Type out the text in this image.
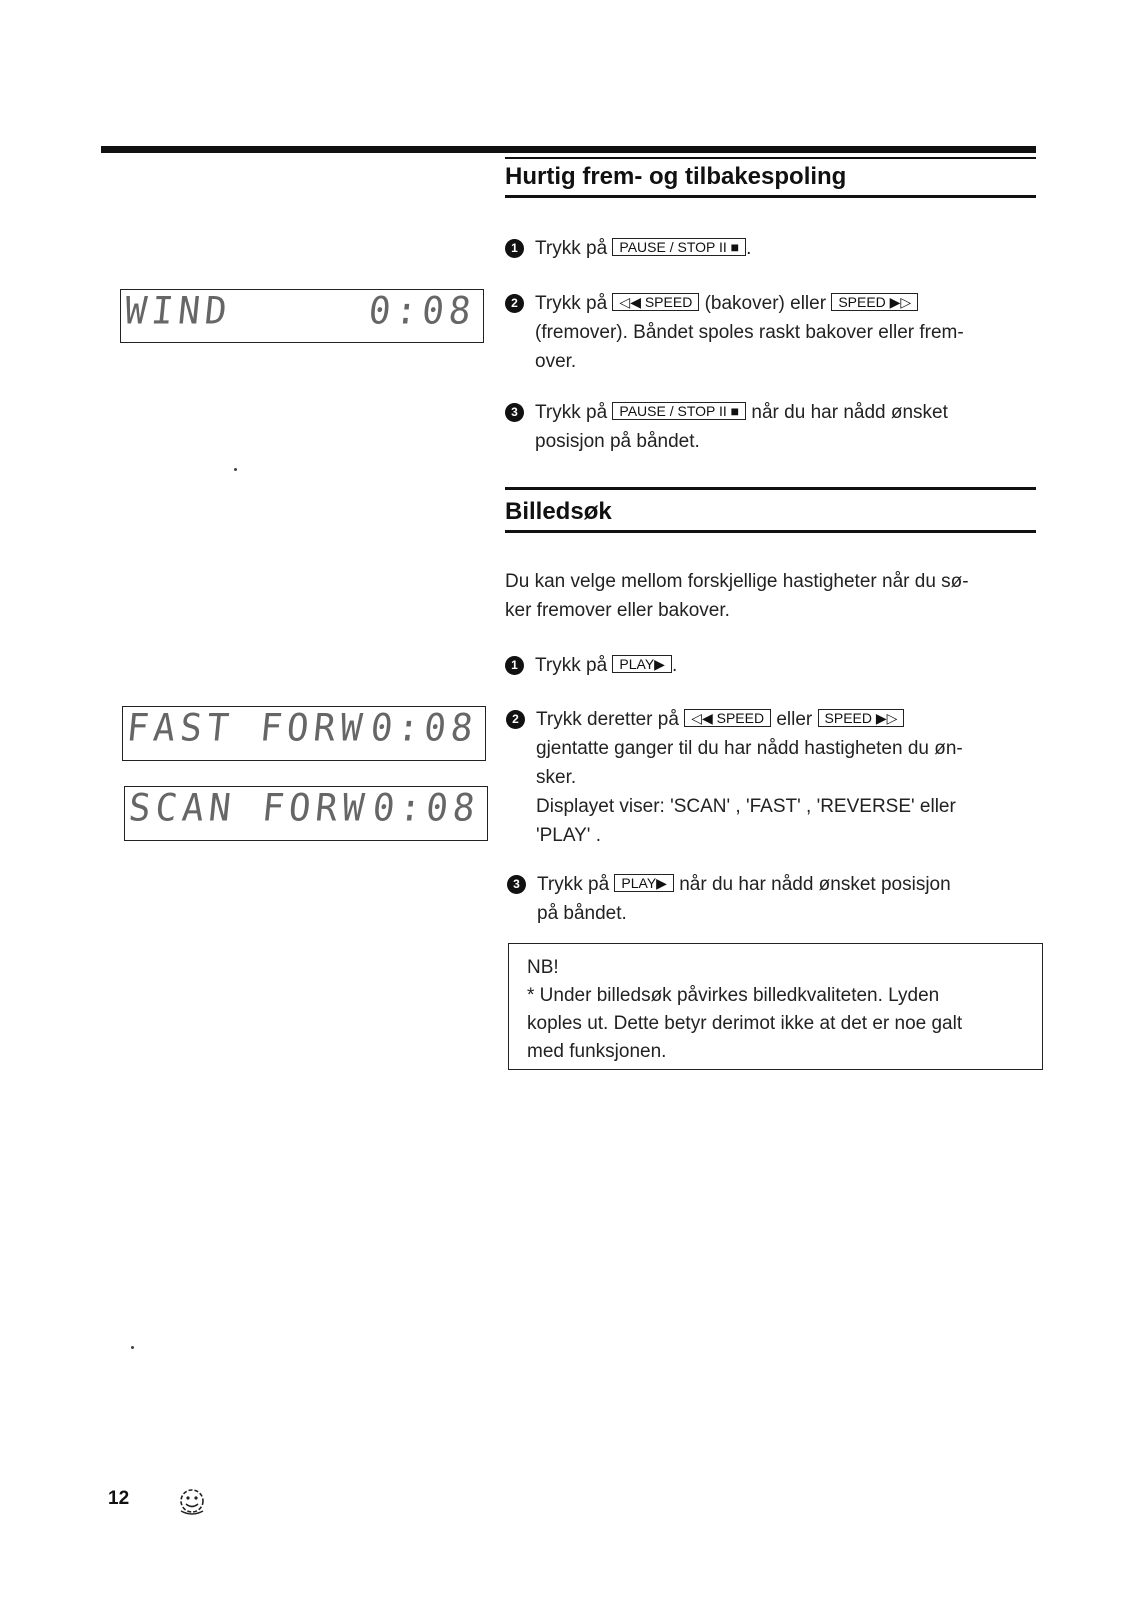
Hurtig frem- og tilbakespoling
WIND	0:08
1 Trykk på PAUSE / STOP II ■ .
2 Trykk på ◁◀ SPEED (bakover) eller SPEED ▶▷
(fremover). Båndet spoles raskt bakover eller frem-
over.
3 Trykk på PAUSE / STOP II ■ når du har nådd ønsket
posisjon på båndet.
Billedsøk
Du kan velge mellom forskjellige hastigheter når du sø-
ker fremover eller bakover.
1 Trykk på PLAY▶ .
FAST FORW 0:08
SCAN FORW 0:08
2 Trykk deretter på ◁◀ SPEED eller SPEED ▶▷
gjentatte ganger til du har nådd hastigheten du øn-
sker.
Displayet viser: 'SCAN' , 'FAST' , 'REVERSE' eller
'PLAY' .
3 Trykk på PLAY▶ når du har nådd ønsket posisjon
på båndet.
NB!
* Under billedsøk påvirkes billedkvaliteten. Lyden
koples ut. Dette betyr derimot ikke at det er noe galt
med funksjonen.
12
